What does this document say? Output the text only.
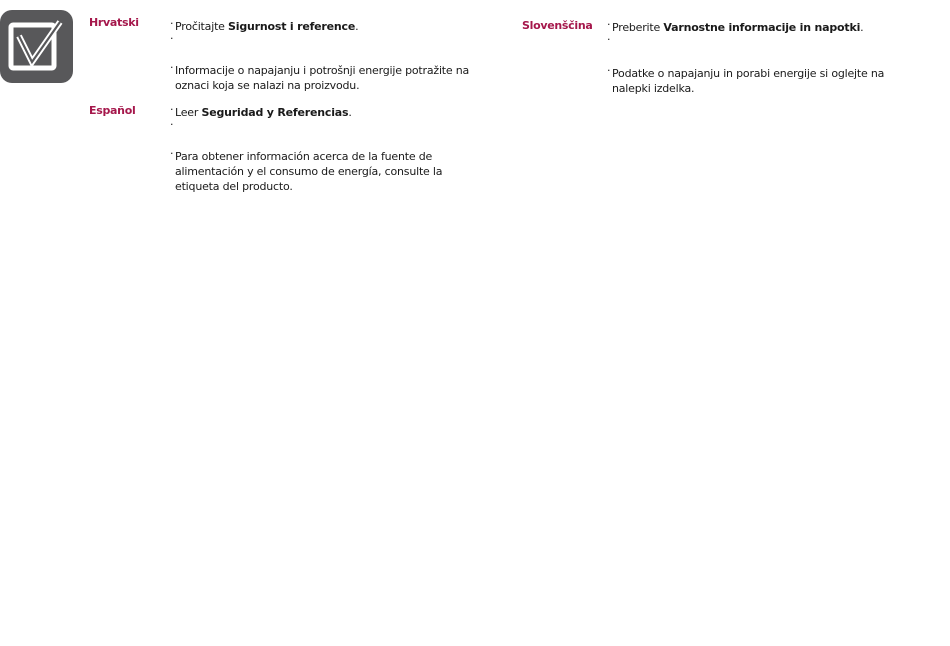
Hrvatski	· Pročitajte Sigurnost i reference.
·
· Informacije o napajanju i potrošnji energije potražite na oznaci koja se nalazi na proizvodu.
Español	· Leer Seguridad y Referencias.
·
· Para obtener información acerca de la fuente de alimentación y el consumo de energía, consulte la etiqueta del producto.
Slovenščina	· Preberite Varnostne informacije in napotki.
·
· Podatke o napajanju in porabi energije si oglejte na nalepki izdelka.
